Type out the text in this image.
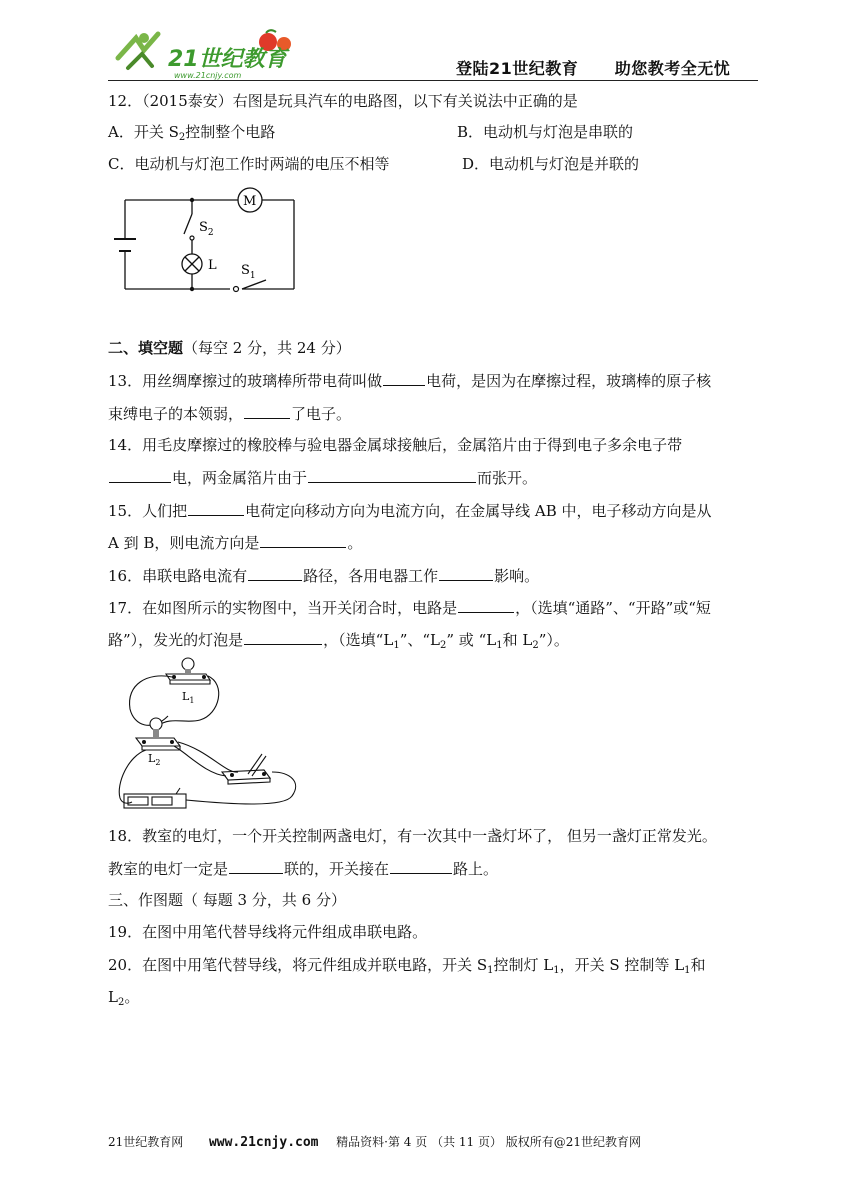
21世纪教育
www.21cnjy.com	登陆21世纪教育 助您教考全无忧
12．（2015泰安）右图是玩具汽车的电路图，以下有关说法中正确的是
A．开关 $S_2$控制整个电路	B．电动机与灯泡是串联的
C．电动机与灯泡工作时两端的电压不相等	D．电动机与灯泡是并联的
M
$S_2$
L $S_1$
二、填空题（每空 2 分，共 24 分）
13．用丝绸摩擦过的玻璃棒所带电荷叫做	电荷，是因为在摩擦过程，玻璃棒的原子核
束缚电子的本领弱，	了电子。
14．用毛皮摩擦过的橡胶棒与验电器金属球接触后，金属箔片由于得到电子多余电子带
电，两金属箔片由于	而张开。
15．人们把	电荷定向移动方向为电流方向，在金属导线 AB 中，电子移动方向是从
A 到 B，则电流方向是	。
16．串联电路电流有	路径，各用电器工作	影响。
17．在如图所示的实物图中，当开关闭合时，电路是	，（选填“通路”、“开路”或“短
路”），发光的灯泡是	，（选填“$L_1$”、“$L_2$” 或 “$L_1$和 $L_2$”）。
$L_1$
$L_2$
18．教室的电灯，一个开关控制两盏电灯，有一次其中一盏灯坏了， 但另一盏灯正常发光。
教室的电灯一定是	联的，开关接在	路上。
三、作图题（ 每题 3 分，共 6 分）
19．在图中用笔代替导线将元件组成串联电路。
20．在图中用笔代替导线，将元件组成并联电路，开关 $S_1$控制灯 $L_1$，开关 S 控制等 $L_1$和
$L_2$。
21世纪教育网 www.21cnjy.com 精品资料·第 4 页 （共 11 页） 版权所有@21世纪教育网
